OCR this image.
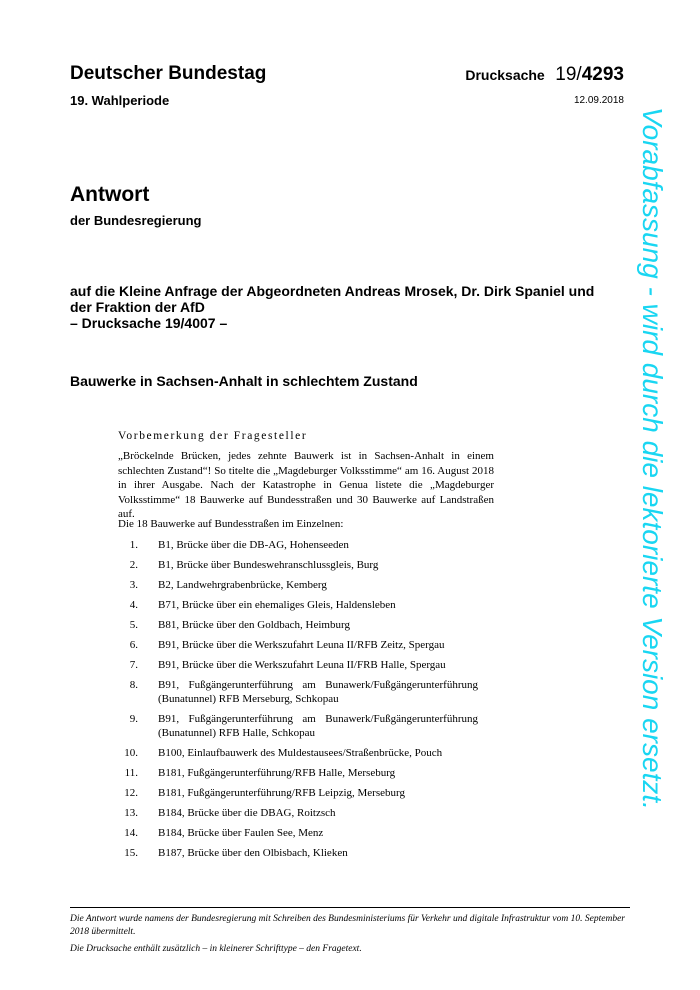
Deutscher Bundestag
19. Wahlperiode
Drucksache 19/4293
12.09.2018
Antwort
der Bundesregierung
auf die Kleine Anfrage der Abgeordneten Andreas Mrosek, Dr. Dirk Spaniel und
der Fraktion der AfD
– Drucksache 19/4007 –
Bauwerke in Sachsen-Anhalt in schlechtem Zustand
Vorbemerkung der Fragesteller
„Bröckelnde Brücken, jedes zehnte Bauwerk ist in Sachsen-Anhalt in einem schlechten Zustand“! So titelte die „Magdeburger Volksstimme“ am 16. August 2018 in ihrer Ausgabe. Nach der Katastrophe in Genua listete die „Magdeburger Volksstimme“ 18 Bauwerke auf Bundesstraßen und 30 Bauwerke auf Landstraßen auf.
Die 18 Bauwerke auf Bundesstraßen im Einzelnen:
1. B1, Brücke über die DB-AG, Hohenseeden
2. B1, Brücke über Bundeswehranschlussgleis, Burg
3. B2, Landwehrgrabenbrücke, Kemberg
4. B71, Brücke über ein ehemaliges Gleis, Haldensleben
5. B81, Brücke über den Goldbach, Heimburg
6. B91, Brücke über die Werkszufahrt Leuna II/RFB Zeitz, Spergau
7. B91, Brücke über die Werkszufahrt Leuna II/FRB Halle, Spergau
8. B91, Fußgängerunterführung am Bunawerk/Fußgängerunterführung (Bunatunnel) RFB Merseburg, Schkopau
9. B91, Fußgängerunterführung am Bunawerk/Fußgängerunterführung (Bunatunnel) RFB Halle, Schkopau
10. B100, Einlaufbauwerk des Muldestausees/Straßenbrücke, Pouch
11. B181, Fußgängerunterführung/RFB Halle, Merseburg
12. B181, Fußgängerunterführung/RFB Leipzig, Merseburg
13. B184, Brücke über die DBAG, Roitzsch
14. B184, Brücke über Faulen See, Menz
15. B187, Brücke über den Olbisbach, Klieken
Die Antwort wurde namens der Bundesregierung mit Schreiben des Bundesministeriums für Verkehr und digitale Infrastruktur vom 10. September 2018 übermittelt.
Die Drucksache enthält zusätzlich – in kleinerer Schrifttype – den Fragetext.
Vorabfassung - wird durch die lektorierte Version ersetzt.
